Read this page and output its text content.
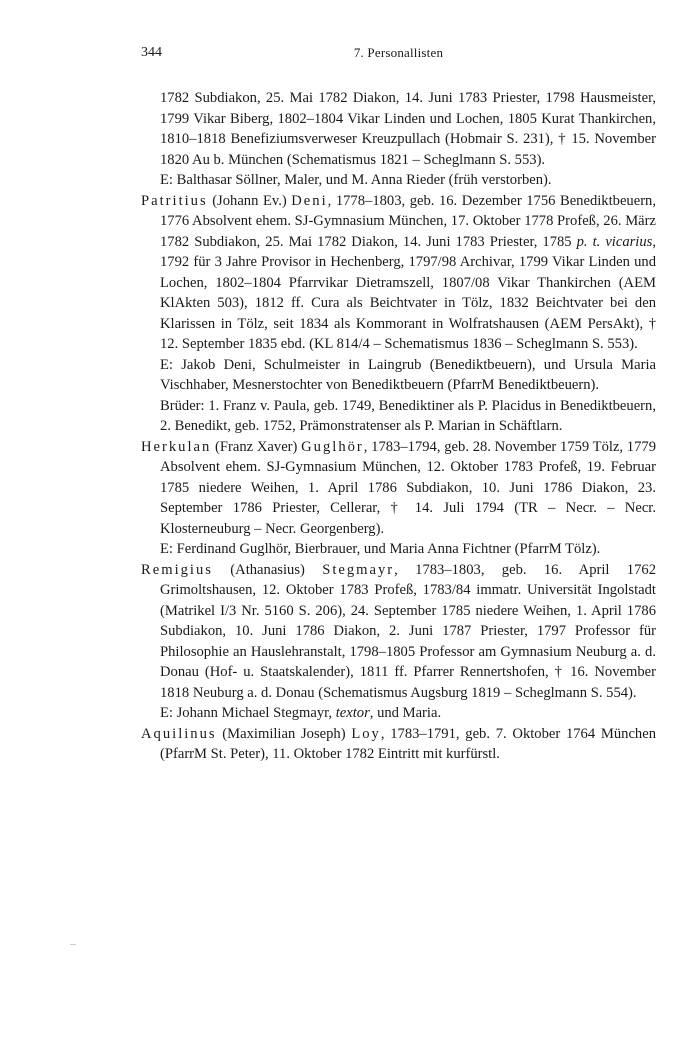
344	7. Personallisten

1782 Subdiakon, 25. Mai 1782 Diakon, 14. Juni 1783 Priester, 1798 Hausmeister, 1799 Vikar Biberg, 1802–1804 Vikar Linden und Lochen, 1805 Kurat Thankirchen, 1810–1818 Benefiziumsverweser Kreuzpullach (Hobmair S. 231), † 15. November 1820 Au b. München (Schematismus 1821 – Scheglmann S. 553).

E: Balthasar Söllner, Maler, und M. Anna Rieder (früh verstorben).

Patritius (Johann Ev.) Deni, 1778–1803, geb. 16. Dezember 1756 Benediktbeuern, 1776 Absolvent ehem. SJ-Gymnasium München, 17. Oktober 1778 Profeß, 26. März 1782 Subdiakon, 25. Mai 1782 Diakon, 14. Juni 1783 Priester, 1785 p. t. vicarius, 1792 für 3 Jahre Provisor in Hechenberg, 1797/98 Archivar, 1799 Vikar Linden und Lochen, 1802–1804 Pfarrvikar Dietramszell, 1807/08 Vikar Thankirchen (AEM KlAkten 503), 1812 ff. Cura als Beichtvater in Tölz, 1832 Beichtvater bei den Klarissen in Tölz, seit 1834 als Kommorant in Wolfratshausen (AEM PersAkt), † 12. September 1835 ebd. (KL 814/4 – Schematismus 1836 – Scheglmann S. 553).

E: Jakob Deni, Schulmeister in Laingrub (Benediktbeuern), und Ursula Maria Vischhaber, Mesnerstochter von Benediktbeuern (PfarrM Benediktbeuern).

Brüder: 1. Franz v. Paula, geb. 1749, Benediktiner als P. Placidus in Benediktbeuern, 2. Benedikt, geb. 1752, Prämonstratenser als P. Marian in Schäftlarn.

Herkulan (Franz Xaver) Guglhör, 1783–1794, geb. 28. November 1759 Tölz, 1779 Absolvent ehem. SJ-Gymnasium München, 12. Oktober 1783 Profeß, 19. Februar 1785 niedere Weihen, 1. April 1786 Subdiakon, 10. Juni 1786 Diakon, 23. September 1786 Priester, Cellerar, † 14. Juli 1794 (TR – Necr. – Necr. Klosterneuburg – Necr. Georgenberg).

E: Ferdinand Guglhör, Bierbrauer, und Maria Anna Fichtner (PfarrM Tölz).

Remigius (Athanasius) Stegmayr, 1783–1803, geb. 16. April 1762 Grimoltshausen, 12. Oktober 1783 Profeß, 1783/84 immatr. Universität Ingolstadt (Matrikel I/3 Nr. 5160 S. 206), 24. September 1785 niedere Weihen, 1. April 1786 Subdiakon, 10. Juni 1786 Diakon, 2. Juni 1787 Priester, 1797 Professor für Philosophie an Hauslehranstalt, 1798–1805 Professor am Gymnasium Neuburg a. d. Donau (Hof- u. Staatskalender), 1811 ff. Pfarrer Rennertshofen, † 16. November 1818 Neuburg a. d. Donau (Schematismus Augsburg 1819 – Scheglmann S. 554).

E: Johann Michael Stegmayr, textor, und Maria.

Aquilinus (Maximilian Joseph) Loy, 1783–1791, geb. 7. Oktober 1764 München (PfarrM St. Peter), 11. Oktober 1782 Eintritt mit kurfürstl.
